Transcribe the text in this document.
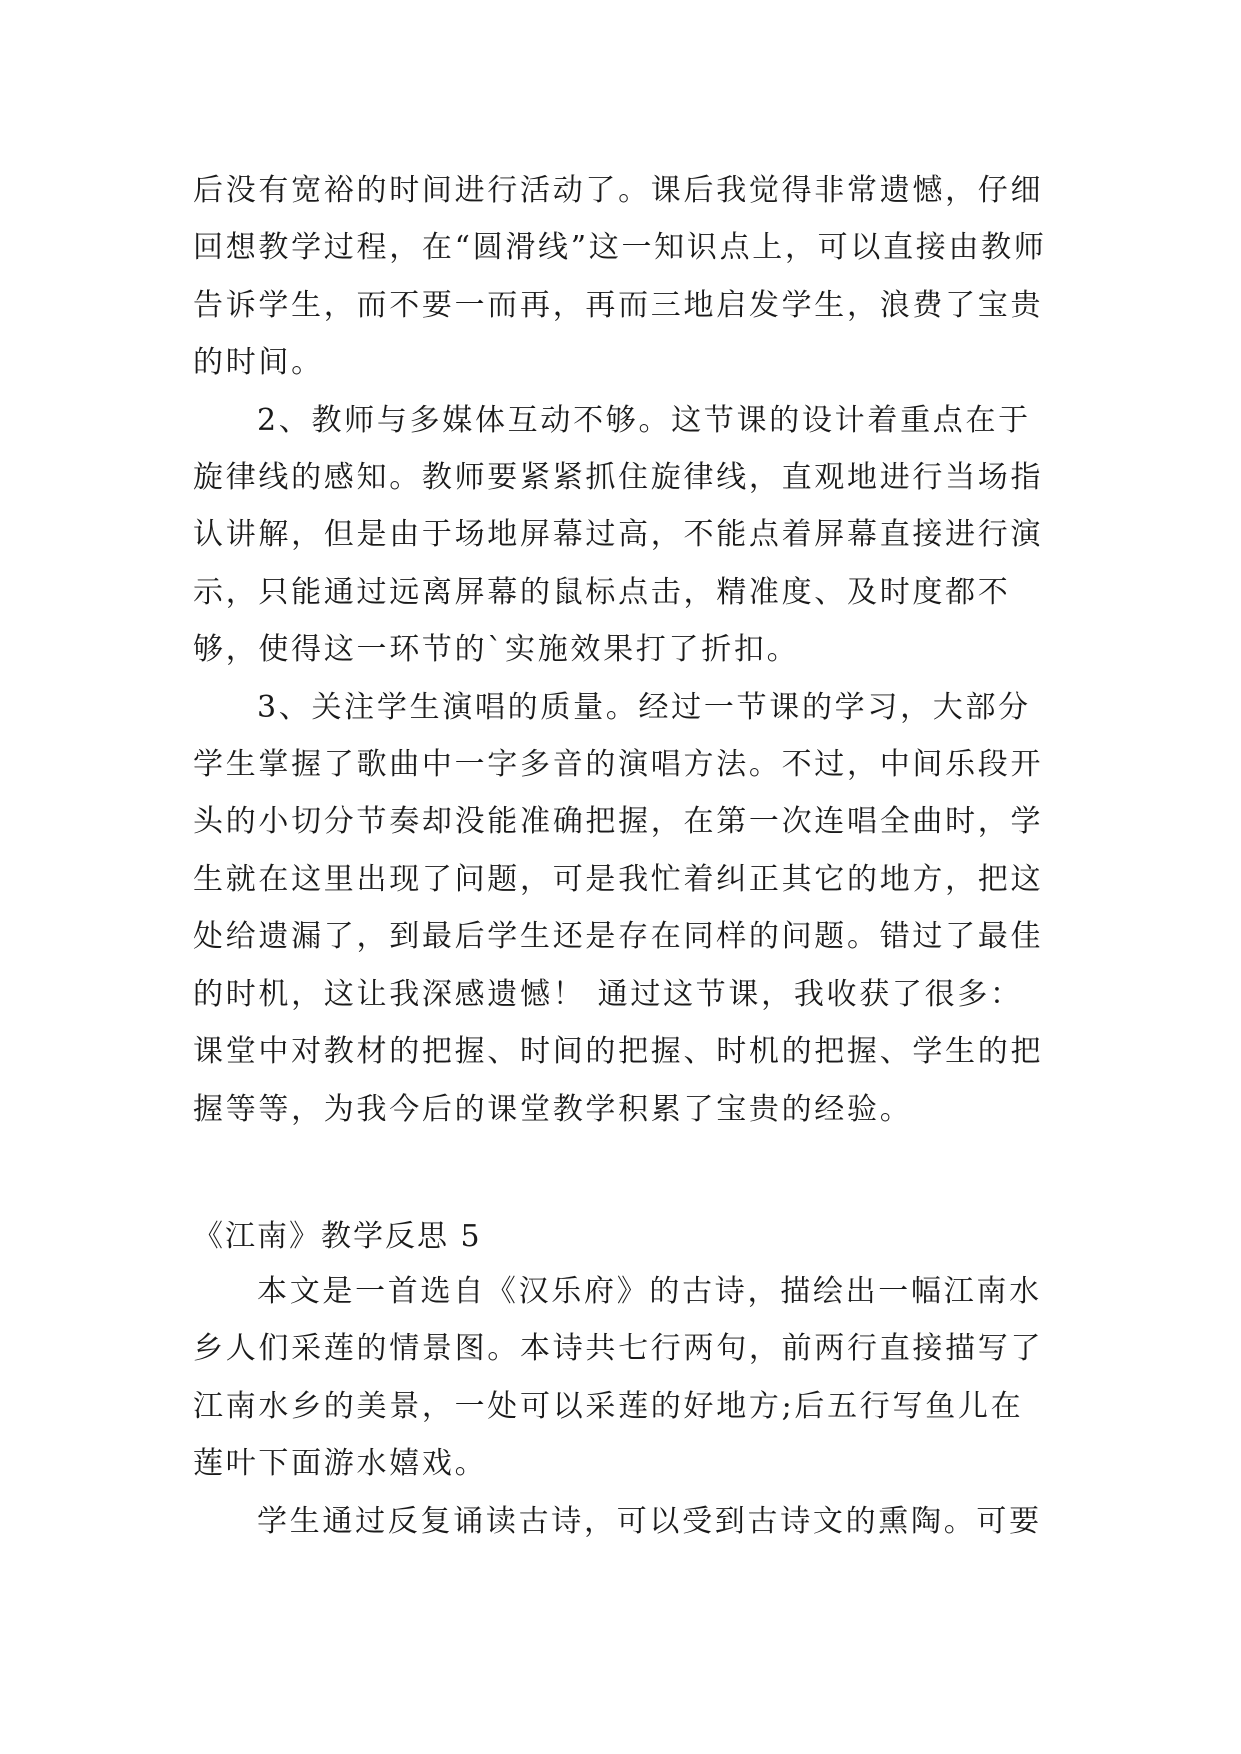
后没有宽裕的时间进行活动了。课后我觉得非常遗憾，仔细回想教学过程，在“圆滑线”这一知识点上，可以直接由教师告诉学生，而不要一而再，再而三地启发学生，浪费了宝贵的时间。

2、教师与多媒体互动不够。这节课的设计着重点在于旋律线的感知。教师要紧紧抓住旋律线，直观地进行当场指认讲解，但是由于场地屏幕过高，不能点着屏幕直接进行演示，只能通过远离屏幕的鼠标点击，精准度、及时度都不够，使得这一环节的`实施效果打了折扣。

3、关注学生演唱的质量。经过一节课的学习，大部分学生掌握了歌曲中一字多音的演唱方法。不过，中间乐段开头的小切分节奏却没能准确把握，在第一次连唱全曲时，学生就在这里出现了问题，可是我忙着纠正其它的地方，把这处给遗漏了，到最后学生还是存在同样的问题。错过了最佳的时机，这让我深感遗憾！ 通过这节课，我收获了很多：课堂中对教材的把握、时间的把握、时机的把握、学生的把握等等，为我今后的课堂教学积累了宝贵的经验。

《江南》教学反思 5

本文是一首选自《汉乐府》的古诗，描绘出一幅江南水乡人们采莲的情景图。本诗共七行两句，前两行直接描写了江南水乡的美景，一处可以采莲的好地方;后五行写鱼儿在莲叶下面游水嬉戏。

学生通过反复诵读古诗，可以受到古诗文的熏陶。可要
